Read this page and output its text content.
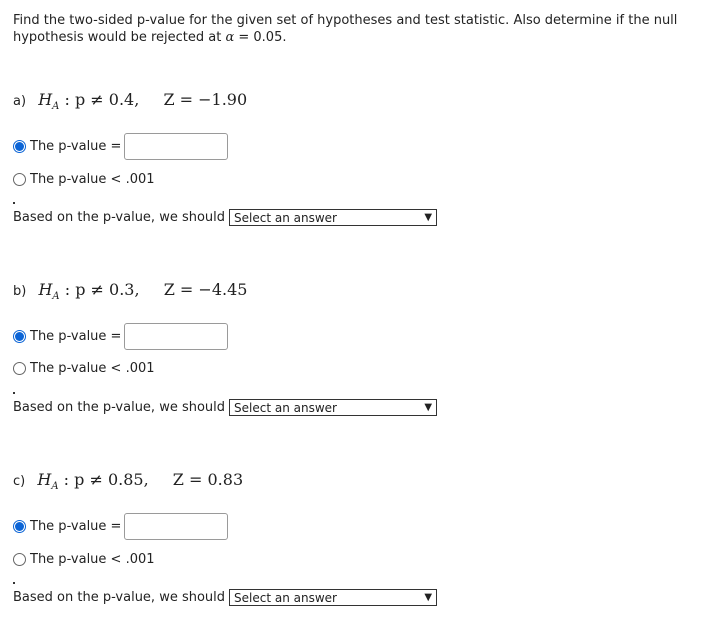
Find the two-sided p-value for the given set of hypotheses and test statistic. Also determine if the null
hypothesis would be rejected at α = 0.05.

a) $H_A$ : p ≠ 0.4, Z = −1.90
The p-value =
The p-value < .001
Based on the p-value, we should Select an answer	▼
b) $H_A$ : p ≠ 0.3, Z = −4.45
The p-value =
The p-value < .001
Based on the p-value, we should Select an answer	▼
c) $H_A$ : p ≠ 0.85, Z = 0.83
The p-value =
The p-value < .001
Based on the p-value, we should Select an answer	▼
